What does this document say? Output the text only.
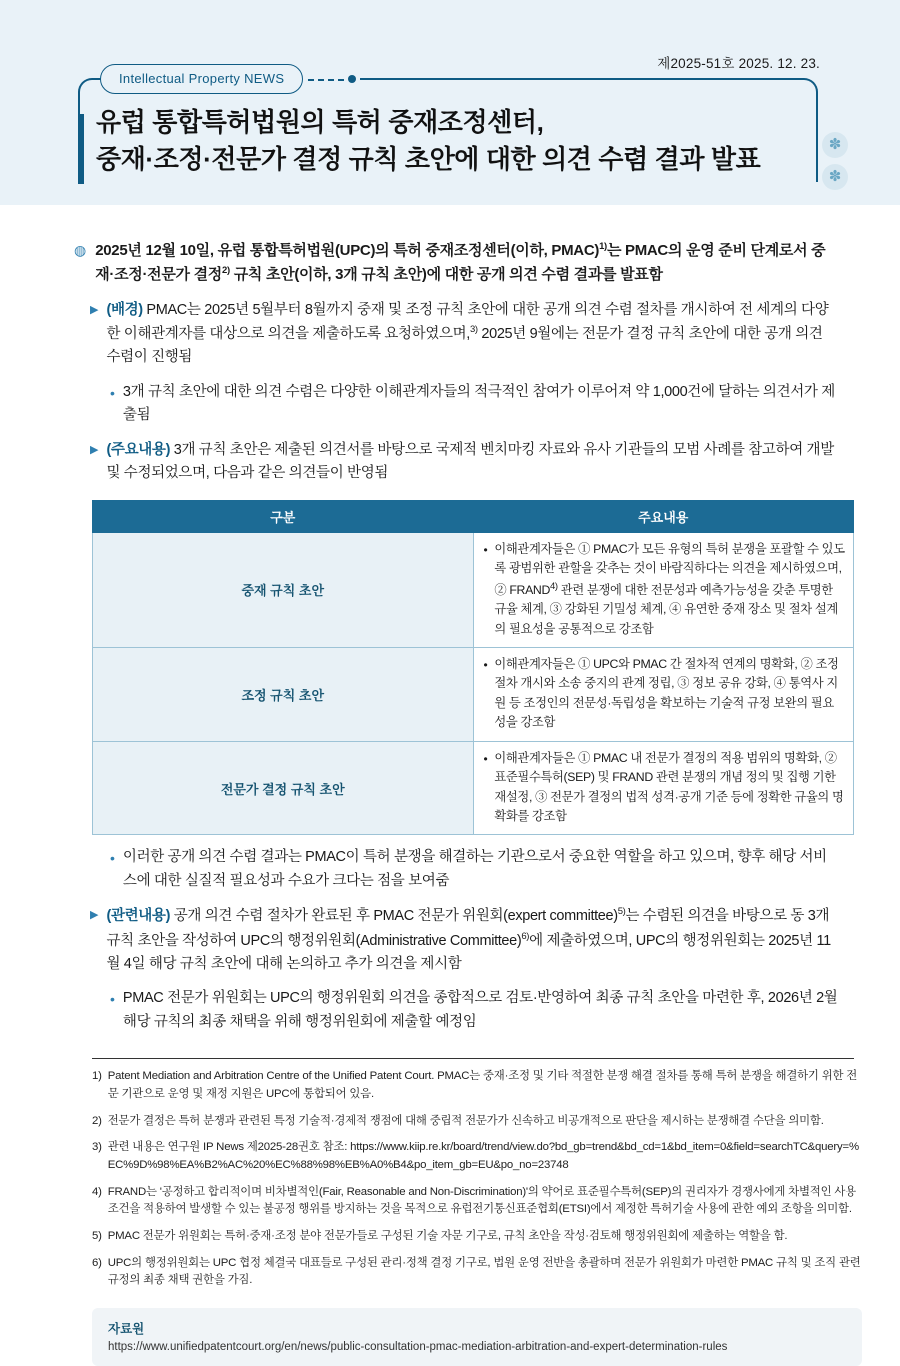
Intellectual Property NEWS
제2025-51호 2025. 12. 23.
유럽 통합특허법원의 특허 중재조정센터,
중재·조정·전문가 결정 규칙 초안에 대한 의견 수렴 결과 발표	✽
✽
◍ 2025년 12월 10일, 유럽 통합특허법원(UPC)의 특허 중재조정센터(이하, PMAC)$^{1)}$는 PMAC의 운영 준비 단계로서 중재·조정·전문가 결정$^{2)}$ 규칙 초안(이하, 3개 규칙 초안)에 대한 공개 의견 수렴 결과를 발표함
▶ (배경) PMAC는 2025년 5월부터 8월까지 중재 및 조정 규칙 초안에 대한 공개 의견 수렴 절차를 개시하여 전 세계의 다양한 이해관계자를 대상으로 의견을 제출하도록 요청하였으며,$^{3)}$ 2025년 9월에는 전문가 결정 규칙 초안에 대한 공개 의견 수렴이 진행됨
• 3개 규칙 초안에 대한 의견 수렴은 다양한 이해관계자들의 적극적인 참여가 이루어져 약 1,000건에 달하는 의견서가 제출됨
▶ (주요내용) 3개 규칙 초안은 제출된 의견서를 바탕으로 국제적 벤치마킹 자료와 유사 기관들의 모범 사례를 참고하여 개발 및 수정되었으며, 다음과 같은 의견들이 반영됨
구분	주요내용
중재 규칙 초안	• 이해관계자들은 ① PMAC가 모든 유형의 특허 분쟁을 포괄할 수 있도록 광범위한 관할을 갖추는 것이 바람직하다는 의견을 제시하였으며, ② FRAND$^{4)}$ 관련 분쟁에 대한 전문성과 예측가능성을 갖춘 투명한 규율 체계, ③ 강화된 기밀성 체계, ④ 유연한 중재 장소 및 절차 설계의 필요성을 공통적으로 강조함

조정 규칙 초안	• 이해관계자들은 ① UPC와 PMAC 간 절차적 연계의 명확화, ② 조정 절차 개시와 소송 중지의 관계 정립, ③ 정보 공유 강화, ④ 통역사 지원 등 조정인의 전문성·독립성을 확보하는 기술적 규정 보완의 필요성을 강조함

전문가 결정 규칙 초안	• 이해관계자들은 ① PMAC 내 전문가 결정의 적용 범위의 명확화, ② 표준필수특허(SEP) 및 FRAND 관련 분쟁의 개념 정의 및 집행 기한 재설정, ③ 전문가 결정의 법적 성격·공개 기준 등에 정확한 규율의 명확화를 강조함
• 이러한 공개 의견 수렴 결과는 PMAC이 특허 분쟁을 해결하는 기관으로서 중요한 역할을 하고 있으며, 향후 해당 서비스에 대한 실질적 필요성과 수요가 크다는 점을 보여줌
▶ (관련내용) 공개 의견 수렴 절차가 완료된 후 PMAC 전문가 위원회(expert committee)$^{5)}$는 수렴된 의견을 바탕으로 동 3개 규칙 초안을 작성하여 UPC의 행정위원회(Administrative Committee)$^{6)}$에 제출하였으며, UPC의 행정위원회는 2025년 11월 4일 해당 규칙 초안에 대해 논의하고 추가 의견을 제시함
• PMAC 전문가 위원회는 UPC의 행정위원회 의견을 종합적으로 검토·반영하여 최종 규칙 초안을 마련한 후, 2026년 2월 해당 규칙의 최종 채택을 위해 행정위원회에 제출할 예정임
1) Patent Mediation and Arbitration Centre of the Unified Patent Court. PMAC는 중재·조정 및 기타 적절한 분쟁 해결 절차를 통해 특허 분쟁을 해결하기 위한 전문 기관으로 운영 및 재정 지원은 UPC에 통합되어 있음.
2) 전문가 결정은 특허 분쟁과 관련된 특정 기술적·경제적 쟁점에 대해 중립적 전문가가 신속하고 비공개적으로 판단을 제시하는 분쟁해결 수단을 의미함.
3) 관련 내용은 연구원 IP News 제2025-28권호 참조: https://www.kiip.re.kr/board/trend/view.do?bd_gb=trend&bd_cd=1&bd_item=0&field=searchTC&query=%EC%9D%98%EA%B2%AC%20%EC%88%98%EB%A0%B4&po_item_gb=EU&po_no=23748
4) FRAND는 '공정하고 합리적이며 비차별적인(Fair, Reasonable and Non-Discrimination)'의 약어로 표준필수특허(SEP)의 권리자가 경쟁사에게 차별적인 사용조건을 적용하여 발생할 수 있는 불공정 행위를 방지하는 것을 목적으로 유럽전기통신표준협회(ETSI)에서 제정한 특허기술 사용에 관한 예외 조항을 의미함.
5) PMAC 전문가 위원회는 특허·중재·조정 분야 전문가들로 구성된 기술 자문 기구로, 규칙 초안을 작성·검토해 행정위원회에 제출하는 역할을 함.
6) UPC의 행정위원회는 UPC 협정 체결국 대표들로 구성된 관리·정책 결정 기구로, 법원 운영 전반을 총괄하며 전문가 위원회가 마련한 PMAC 규칙 및 조직 관련 규정의 최종 채택 권한을 가짐.
자료원
https://www.unifiedpatentcourt.org/en/news/public-consultation-pmac-mediation-arbitration-and-expert-determination-rules
